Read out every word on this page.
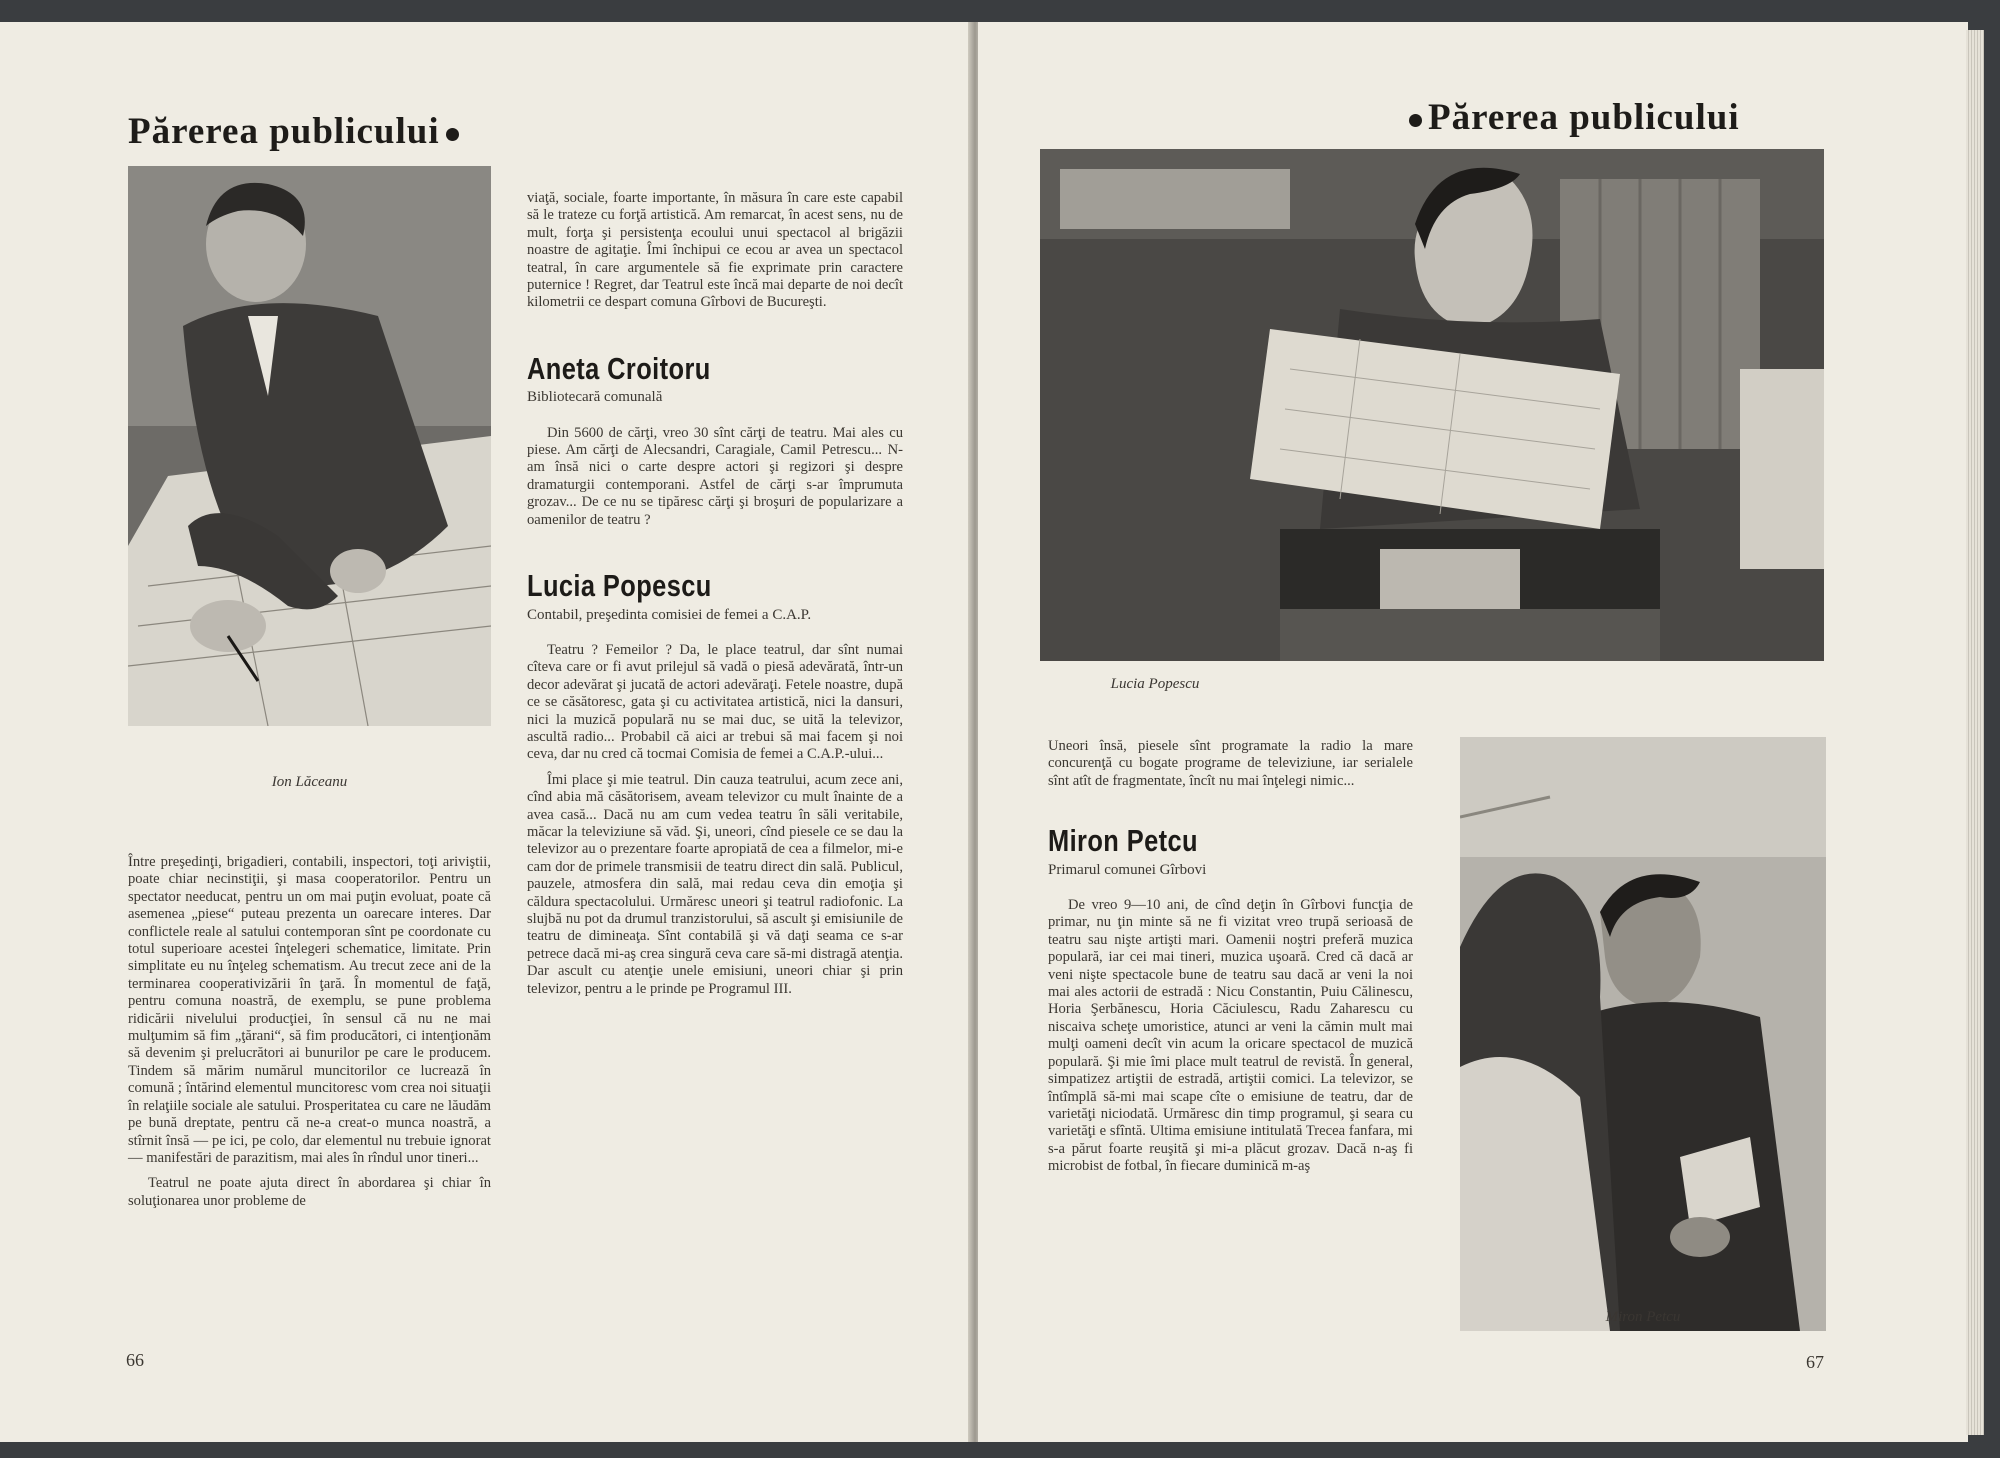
Părerea publicului
Ion Lăceanu

Între preşedinţi, brigadieri, contabili, inspectori, toţi ariviştii, poate chiar necinstiţii, şi masa cooperatorilor. Pentru un spectator needucat, pentru un om mai puţin evoluat, poate că asemenea „piese“ puteau prezenta un oarecare interes. Dar conflictele reale al satului contemporan sînt pe coordonate cu totul superioare acestei înţelegeri schematice, limitate. Prin simplitate eu nu înţeleg schematism. Au trecut zece ani de la terminarea cooperativizării în ţară. În momentul de faţă, pentru comuna noastră, de exemplu, se pune problema ridicării nivelului producţiei, în sensul că nu ne mai mulţumim să fim „ţărani“, să fim producători, ci intenţionăm să devenim şi prelucrători ai bunurilor pe care le producem. Tindem să mărim numărul muncitorilor ce lucrează în comună ; întărind elementul muncitoresc vom crea noi situaţii în relaţiile sociale ale satului. Prosperitatea cu care ne lăudăm pe bună dreptate, pentru că ne-a creat-o munca noastră, a stîrnit însă — pe ici, pe colo, dar elementul nu trebuie ignorat — manifestări de parazitism, mai ales în rîndul unor tineri...

Teatrul ne poate ajuta direct în abordarea şi chiar în soluţionarea unor probleme de

viaţă, sociale, foarte importante, în măsura în care este capabil să le trateze cu forţă artistică. Am remarcat, în acest sens, nu de mult, forţa şi persistenţa ecoului unui spectacol al brigăzii noastre de agitaţie. Îmi închipui ce ecou ar avea un spectacol teatral, în care argumentele să fie exprimate prin caractere puternice ! Regret, dar Teatrul este încă mai departe de noi decît kilometrii ce despart comuna Gîrbovi de Bucureşti.

Aneta Croitoru
Bibliotecară comunală

Din 5600 de cărţi, vreo 30 sînt cărţi de teatru. Mai ales cu piese. Am cărţi de Alecsandri, Caragiale, Camil Petrescu... N-am însă nici o carte despre actori şi regizori şi despre dramaturgii contemporani. Astfel de cărţi s-ar împrumuta grozav... De ce nu se tipăresc cărţi şi broşuri de popularizare a oamenilor de teatru ?

Lucia Popescu
Contabil, preşedinta comisiei de femei a C.A.P.

Teatru ? Femeilor ? Da, le place teatrul, dar sînt numai cîteva care or fi avut prilejul să vadă o piesă adevărată, într-un decor adevărat şi jucată de actori adevăraţi. Fetele noastre, după ce se căsătoresc, gata şi cu activitatea artistică, nici la dansuri, nici la muzică populară nu se mai duc, se uită la televizor, ascultă radio... Probabil că aici ar trebui să mai facem şi noi ceva, dar nu cred că tocmai Comisia de femei a C.A.P.-ului...

Îmi place şi mie teatrul. Din cauza teatrului, acum zece ani, cînd abia mă căsătorisem, aveam televizor cu mult înainte de a avea casă... Dacă nu am cum vedea teatru în săli veritabile, măcar la televiziune să văd. Şi, uneori, cînd piesele ce se dau la televizor au o prezentare foarte apropiată de cea a filmelor, mi-e cam dor de primele transmisii de teatru direct din sală. Publicul, pauzele, atmosfera din sală, mai redau ceva din emoţia şi căldura spectacolului. Urmăresc uneori şi teatrul radiofonic. La slujbă nu pot da drumul tranzistorului, să ascult şi emisiunile de teatru de dimineaţa. Sînt contabilă şi vă daţi seama ce s-ar petrece dacă mi-aş crea singură ceva care să-mi distragă atenţia. Dar ascult cu atenţie unele emisiuni, uneori chiar şi prin televizor, pentru a le prinde pe Programul III.

66
Părerea publicului
Lucia Popescu

Uneori însă, piesele sînt programate la radio la mare concurenţă cu bogate programe de televiziune, iar serialele sînt atît de fragmentate, încît nu mai înţelegi nimic...

Miron Petcu
Primarul comunei Gîrbovi

De vreo 9—10 ani, de cînd deţin în Gîrbovi funcţia de primar, nu ţin minte să ne fi vizitat vreo trupă serioasă de teatru sau nişte artişti mari. Oamenii noştri preferă muzica populară, iar cei mai tineri, muzica uşoară. Cred că dacă ar veni nişte spectacole bune de teatru sau dacă ar veni la noi mai ales actorii de estradă : Nicu Constantin, Puiu Călinescu, Horia Şerbănescu, Horia Căciulescu, Radu Zaharescu cu niscaiva scheţe umoristice, atunci ar veni la cămin mult mai mulţi oameni decît vin acum la oricare spectacol de muzică populară. Şi mie îmi place mult teatrul de revistă. În general, simpatizez artiştii de estradă, artiştii comici. La televizor, se întîmplă să-mi mai scape cîte o emisiune de teatru, dar de varietăţi niciodată. Urmăresc din timp programul, şi seara cu varietăţi e sfîntă. Ultima emisiune intitulată Trecea fanfara, mi s-a părut foarte reuşită şi mi-a plăcut grozav. Dacă n-aş fi microbist de fotbal, în fiecare duminică m-aş

Miron Petcu
67
